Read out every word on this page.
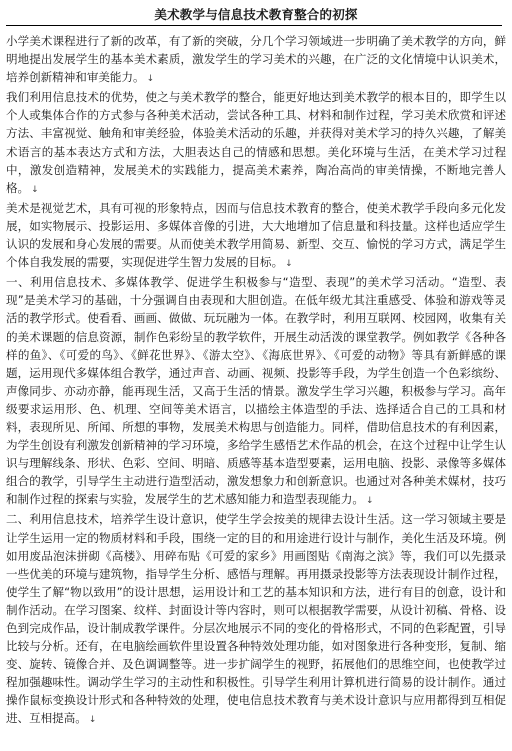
美术教学与信息技术教育整合的初探

小学美术课程进行了新的改革，有了新的突破，分几个学习领域进一步明确了美术教学的方向，鲜明地提出发展学生的基本美术素质，激发学生的学习美术的兴趣，在广泛的文化情境中认识美术，培养创新精神和审美能力。 ↓

我们利用信息技术的优势，使之与美术教学的整合，能更好地达到美术教学的根本目的，即学生以个人或集体合作的方式参与各种美术活动，尝试各种工具、材料和制作过程，学习美术欣赏和评述方法、丰富视觉、触角和审美经验，体验美术活动的乐趣，并获得对美术学习的持久兴趣，了解美术语言的基本表达方式和方法，大胆表达自己的情感和思想。美化环境与生活，在美术学习过程中，激发创造精神，发展美术的实践能力，提高美术素养，陶冶高尚的审美情操，不断地完善人格。 ↓

美术是视觉艺术，具有可视的形象特点，因而与信息技术教育的整合，使美术教学手段向多元化发展，如实物展示、投影运用、多媒体音像的引进，大大地增加了信息量和科技量。这样也适应学生认识的发展和身心发展的需要。从而使美术教学用简易、新型、交互、愉悦的学习方式，满足学生个体自我发展的需要，实现促进学生智力发展的目标。 ↓

一、利用信息技术、多媒体教学、促进学生积极参与“造型、表现”的美术学习活动。“造型、表现”是美术学习的基础，十分强调自由表现和大胆创造。在低年级尤其注重感受、体验和游戏等灵活的教学形式。使看看、画画、做做、玩玩融为一体。在教学时，利用互联网、校园网，收集有关的美术课题的信息资源，制作色彩纷呈的教学软件，开展生动活泼的课堂教学。例如教学《各种各样的鱼》、《可爱的鸟》、《鲜花世界》、《游太空》、《海底世界》、《可爱的动物》等具有新鲜感的课题，运用现代多媒体组合教学，通过声音、动画、视频、投影等手段，为学生创造一个色彩缤纷、声像同步、亦动亦静，能再现生活，又高于生活的情景。激发学生学习兴趣，积极参与学习。高年级要求运用形、色、机理、空间等美术语言，以描绘主体造型的手法、选择适合自己的工具和材料，表现所见、所闻、所想的事物，发展美术构思与创造能力。同样，借助信息技术的有利因素，为学生创设有利激发创新精神的学习环境，多给学生感悟艺术作品的机会，在这个过程中让学生认识与理解线条、形状、色彩、空间、明暗、质感等基本造型要素，运用电脑、投影、录像等多媒体组合的教学，引导学生主动进行造型活动，激发想象力和创新意识。也通过对各种美术媒材，技巧和制作过程的探索与实验，发展学生的艺术感知能力和造型表现能力。 ↓

二、利用信息技术，培养学生设计意识，使学生学会按美的规律去设计生活。这一学习领域主要是让学生运用一定的物质材料和手段，围绕一定的目的和用途进行设计与制作，美化生活及环境。例如用废品泡沫拼砌《高楼》、用碎布贴《可爱的家乡》用画图贴《南海之滨》等，我们可以先摄录一些优美的环境与建筑物，指导学生分析、感悟与理解。再用摄录投影等方法表现设计制作过程，使学生了解“物以致用”的设计思想，运用设计和工艺的基本知识和方法，进行有目的创意，设计和制作活动。在学习图案、纹样、封面设计等内容时，则可以根据教学需要，从设计初稿、骨格、设色到完成作品，设计制成教学课件。分层次地展示不同的变化的骨格形式，不同的色彩配置，引导比较与分析。还有，在电脑绘画软件里设置各种特效处理功能，如对图象进行各种变形，复制、缩变、旋转、镜像合并、及色调调整等。进一步扩阔学生的视野，拓展他们的思维空间，也使教学过程加强趣味性。调动学生学习的主动性和积极性。引导学生利用计算机进行简易的设计制作。通过操作鼠标变换设计形式和各种特效的处理，使电信息技术教育与美术设计意识与应用都得到互相促进、互相提高。 ↓
